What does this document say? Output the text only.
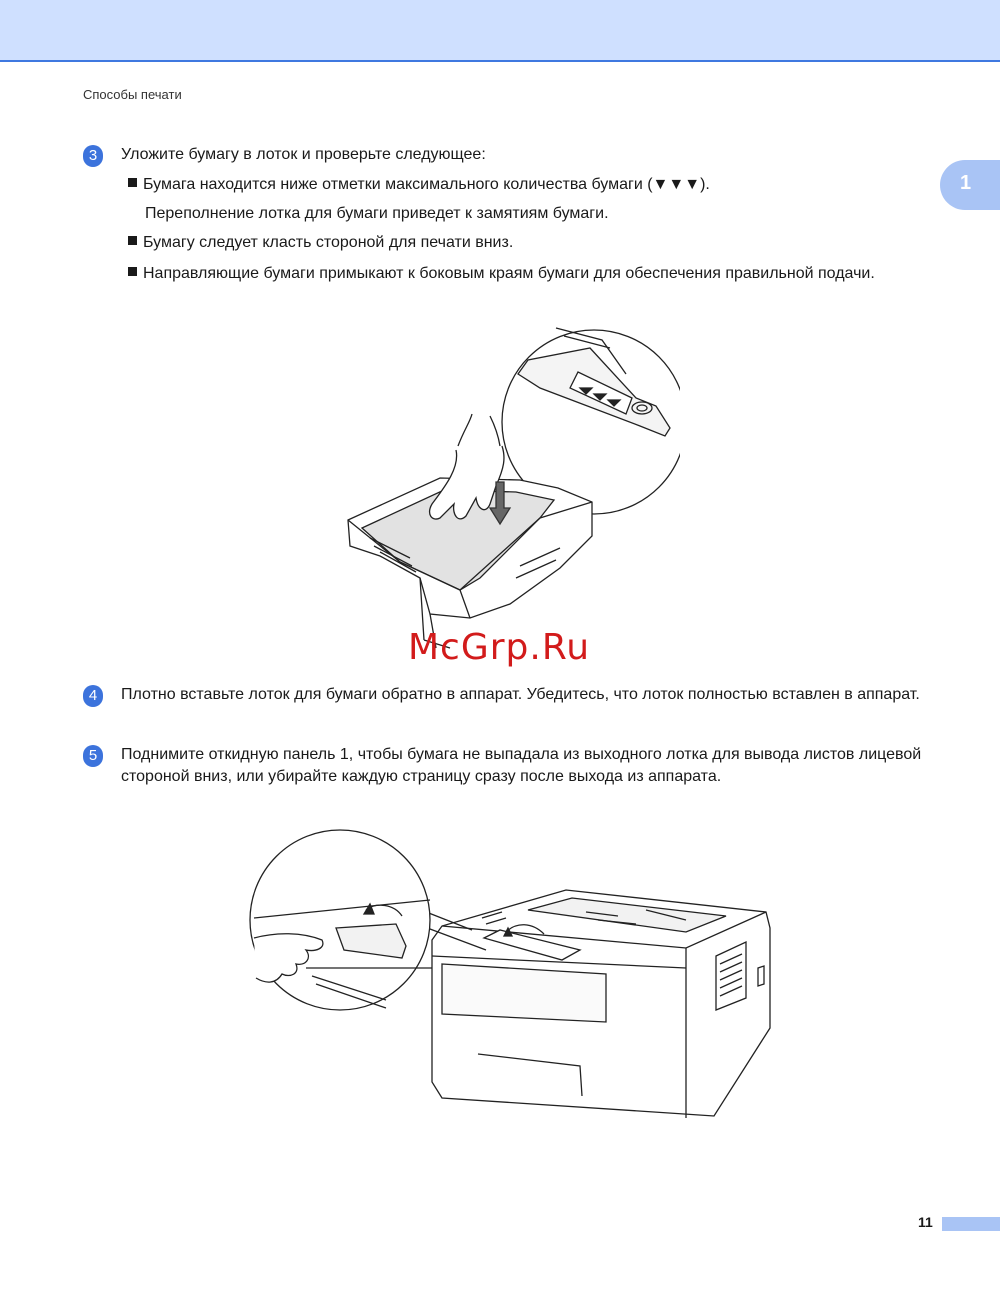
Способы печати
1
3	Уложите бумагу в лоток и проверьте следующее:
Бумага находится ниже отметки максимального количества бумаги (▼▼▼).
Переполнение лотка для бумаги приведет к замятиям бумаги.
Бумагу следует класть стороной для печати вниз.
Направляющие бумаги примыкают к боковым краям бумаги для обеспечения правильной подачи.
McGrp.Ru
4	Плотно вставьте лоток для бумаги обратно в аппарат. Убедитесь, что лоток полностью вставлен в аппарат.
5	Поднимите откидную панель 1, чтобы бумага не выпадала из выходного лотка для вывода листов лицевой стороной вниз, или убирайте каждую страницу сразу после выхода из аппарата.
11
